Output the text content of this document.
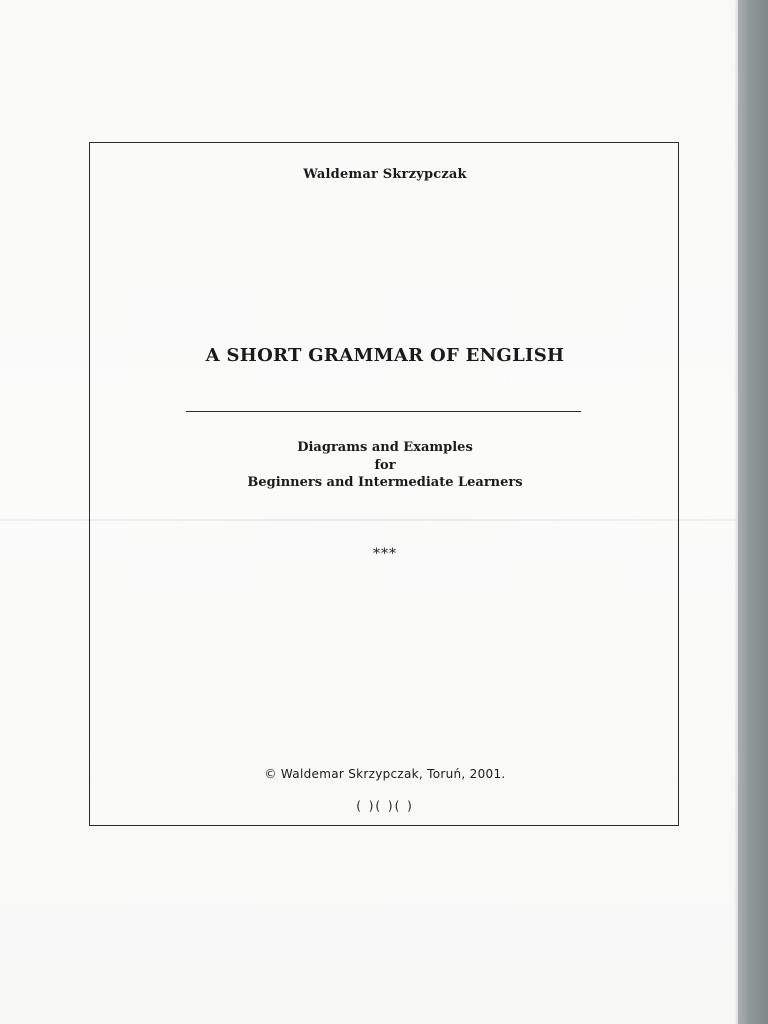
Waldemar Skrzypczak
A SHORT GRAMMAR OF ENGLISH
Diagrams and Examples
for
Beginners and Intermediate Learners
***
© Waldemar Skrzypczak, Toruń, 2001.
( )( )( )
